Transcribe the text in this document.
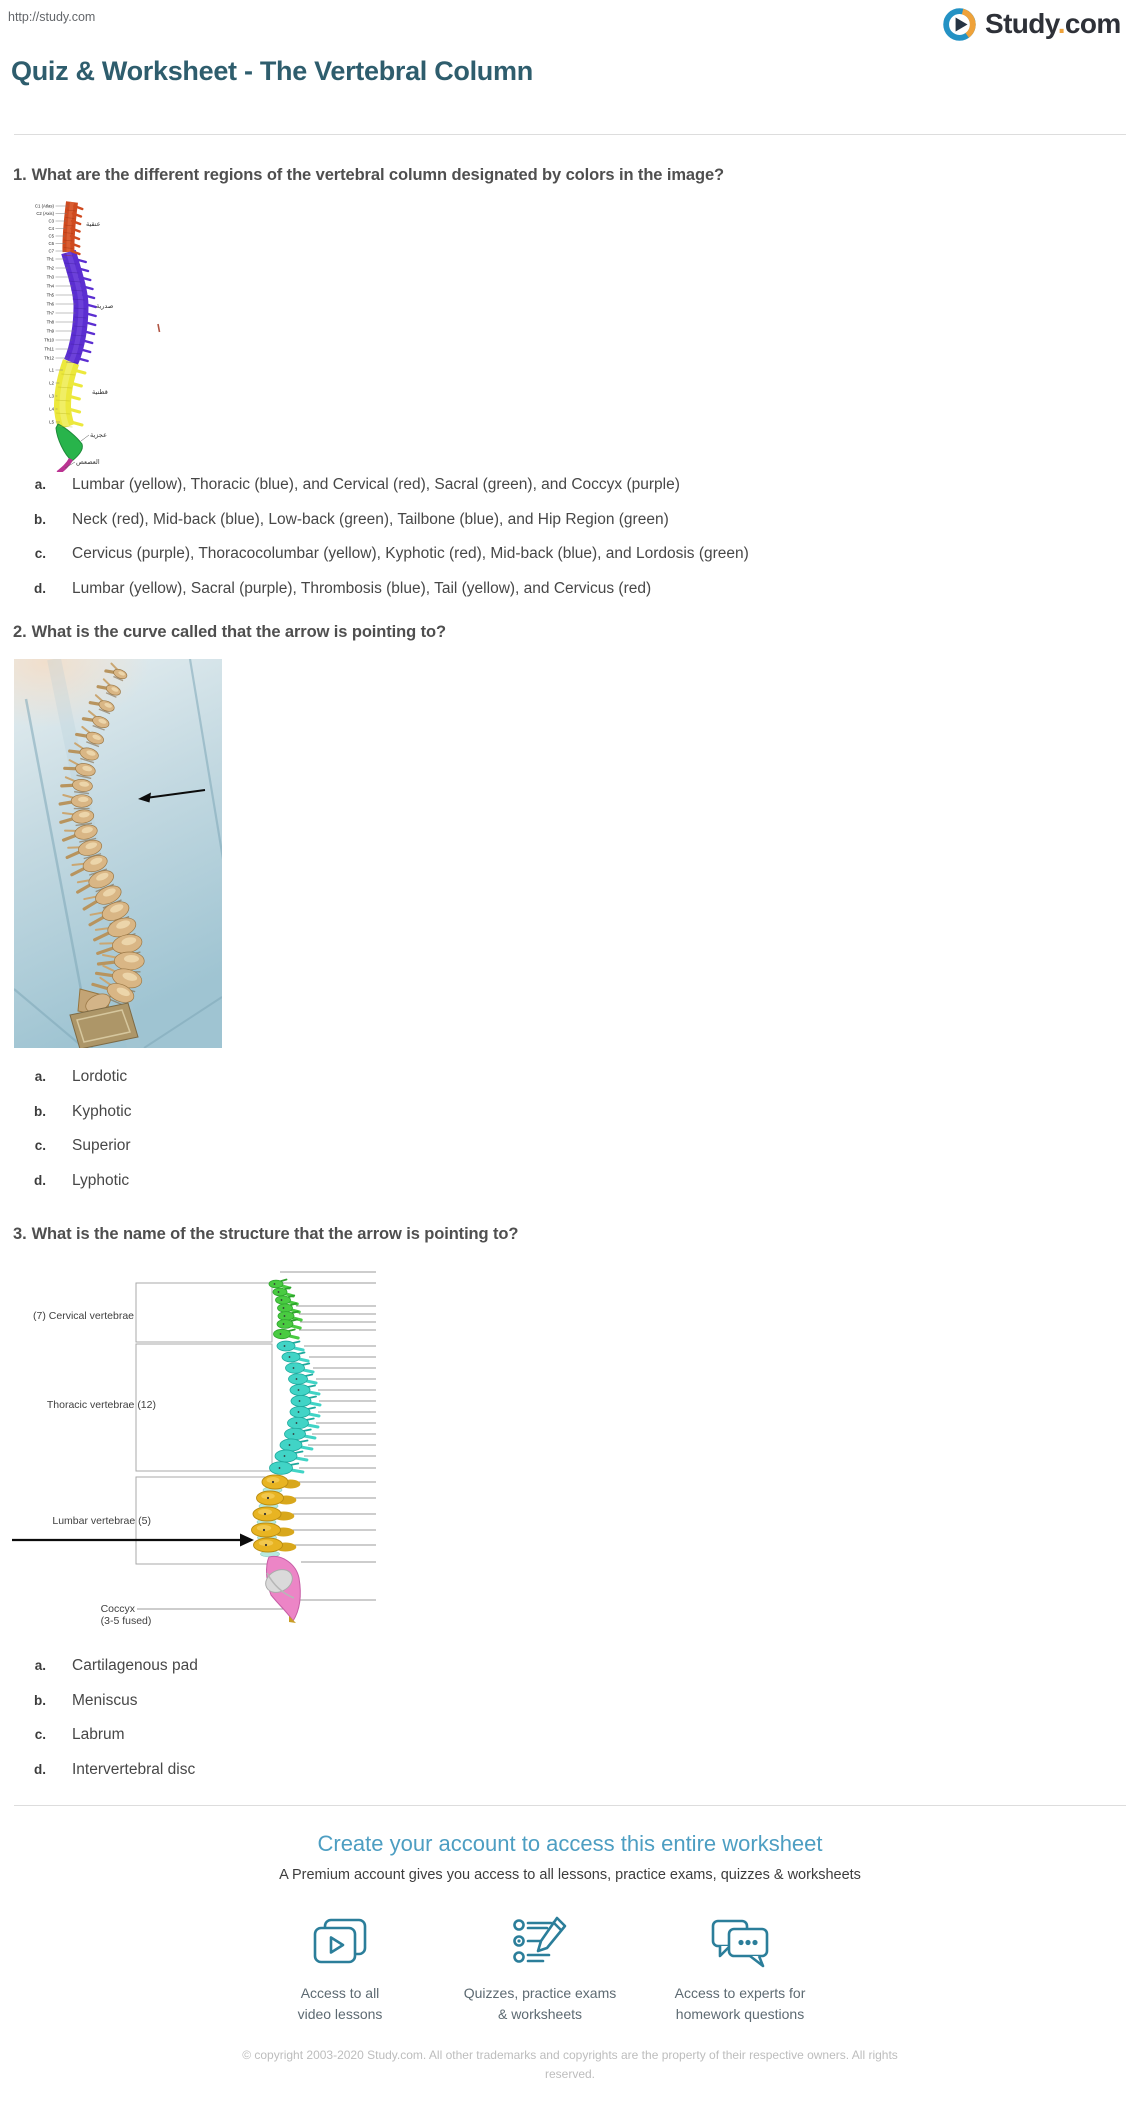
http://study.com	Study.com
Quiz & Worksheet - The Vertebral Column
1. What are the different regions of the vertebral column designated by colors in the image?
C1 (Atlas)
C2 (Axis)
C3
C4
C5
C6
C7
Th1
Th2
Th3
Th4
Th5
Th6
Th7
Th8
Th9
Th10
Th11
Th12
L1
L2
L3
L4
L5
عنقية
صدرية
قطنية
عجزية
العصعص
a. Lumbar (yellow), Thoracic (blue), and Cervical (red), Sacral (green), and Coccyx (purple)
b. Neck (red), Mid-back (blue), Low-back (green), Tailbone (blue), and Hip Region (green)
c. Cervicus (purple), Thoracocolumbar (yellow), Kyphotic (red), Mid-back (blue), and Lordosis (green)
d. Lumbar (yellow), Sacral (purple), Thrombosis (blue), Tail (yellow), and Cervicus (red)
2. What is the curve called that the arrow is pointing to?
a. Lordotic
b. Kyphotic
c. Superior
d. Lyphotic
3. What is the name of the structure that the arrow is pointing to?
(7) Cervical vertebrae
Thoracic vertebrae (12)
Lumbar vertebrae (5)
Coccyx
(3-5 fused)
a. Cartilagenous pad
b. Meniscus
c. Labrum
d. Intervertebral disc
Create your account to access this entire worksheet
A Premium account gives you access to all lessons, practice exams, quizzes & worksheets
Access to all
video lessons
Quizzes, practice exams
& worksheets
Access to experts for
homework questions
© copyright 2003-2020 Study.com. All other trademarks and copyrights are the property of their respective owners. All rights
reserved.
